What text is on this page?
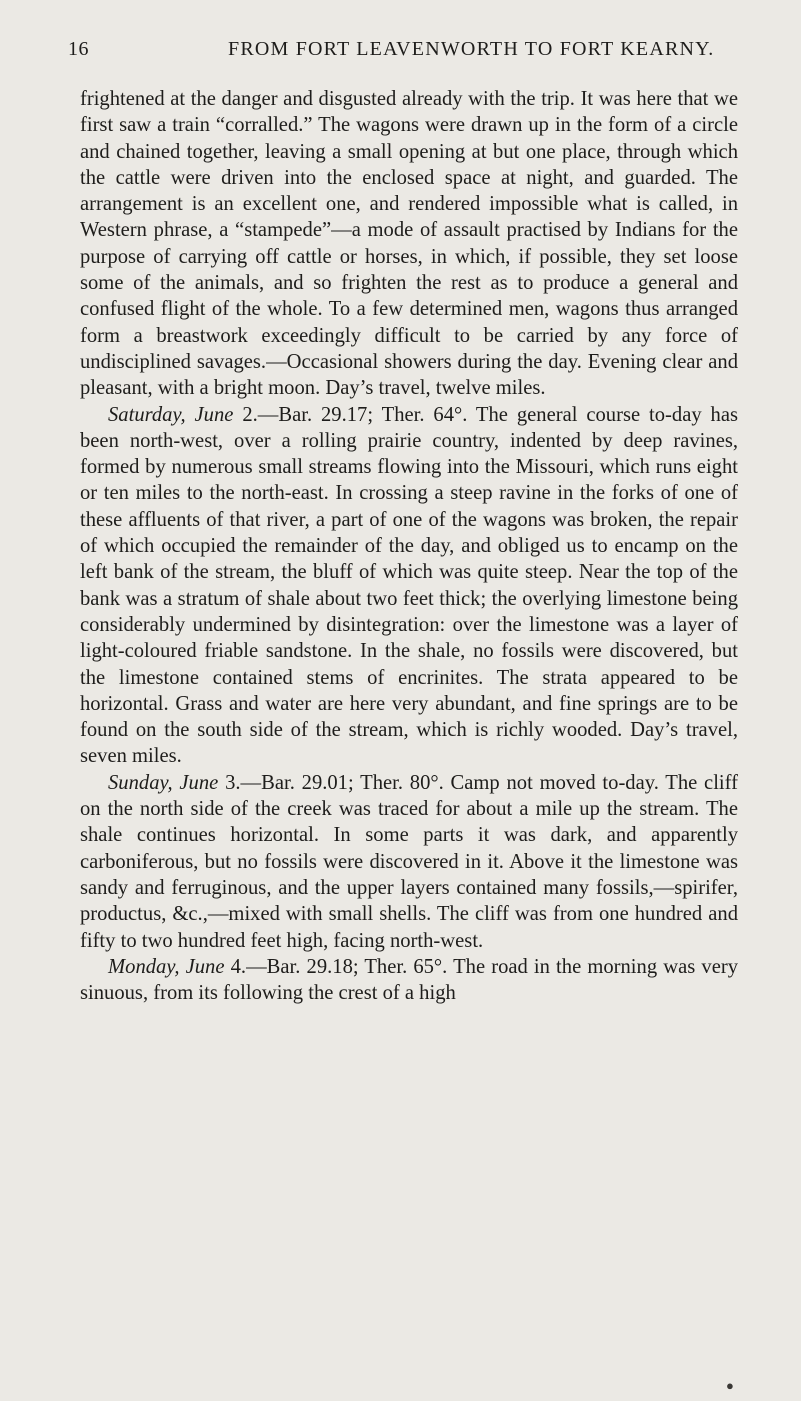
16	FROM FORT LEAVENWORTH TO FORT KEARNY.

frightened at the danger and disgusted already with the trip. It was here that we first saw a train “corralled.” The wagons were drawn up in the form of a circle and chained together, leaving a small opening at but one place, through which the cattle were driven into the enclosed space at night, and guarded. The arrangement is an excellent one, and rendered impossible what is called, in Western phrase, a “stampede”—a mode of assault practised by Indians for the purpose of carrying off cattle or horses, in which, if possible, they set loose some of the animals, and so frighten the rest as to produce a general and confused flight of the whole. To a few determined men, wagons thus arranged form a breastwork exceedingly difficult to be carried by any force of undisciplined savages.—Occasional showers during the day. Evening clear and pleasant, with a bright moon. Day’s travel, twelve miles.

Saturday, June 2.—Bar. 29.17; Ther. 64°. The general course to-day has been north-west, over a rolling prairie country, indented by deep ravines, formed by numerous small streams flowing into the Missouri, which runs eight or ten miles to the north-east. In crossing a steep ravine in the forks of one of these affluents of that river, a part of one of the wagons was broken, the repair of which occupied the remainder of the day, and obliged us to encamp on the left bank of the stream, the bluff of which was quite steep. Near the top of the bank was a stratum of shale about two feet thick; the overlying limestone being considerably undermined by disintegration: over the limestone was a layer of light-coloured friable sandstone. In the shale, no fossils were discovered, but the limestone contained stems of encrinites. The strata appeared to be horizontal. Grass and water are here very abundant, and fine springs are to be found on the south side of the stream, which is richly wooded. Day’s travel, seven miles.

Sunday, June 3.—Bar. 29.01; Ther. 80°. Camp not moved to-day. The cliff on the north side of the creek was traced for about a mile up the stream. The shale continues horizontal. In some parts it was dark, and apparently carboniferous, but no fossils were discovered in it. Above it the limestone was sandy and ferruginous, and the upper layers contained many fossils,—spirifer, productus, &c.,—mixed with small shells. The cliff was from one hundred and fifty to two hundred feet high, facing north-west.

Monday, June 4.—Bar. 29.18; Ther. 65°. The road in the morning was very sinuous, from its following the crest of a high

●
